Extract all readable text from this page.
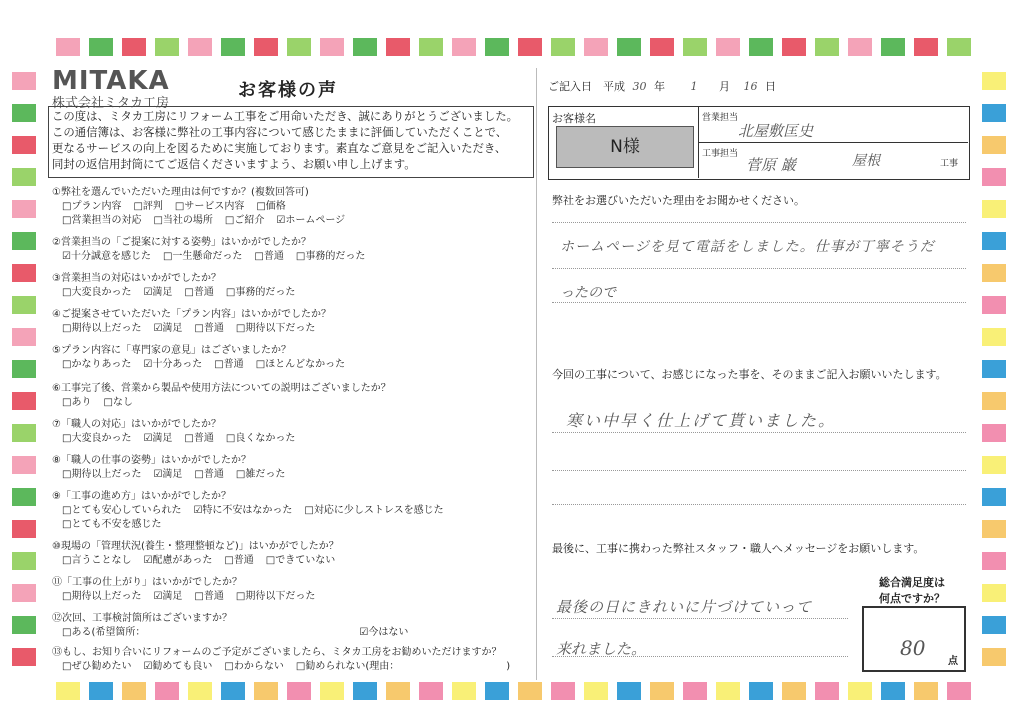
MITAKA
株式会社ミタカ工房
お客様の声
この度は、ミタカ工房にリフォーム工事をご用命いただき、誠にありがとうございました。
この通信簿は、お客様に弊社の工事内容について感じたままに評価していただくことで、
更なるサービスの向上を図るために実施しております。素直なご意見をご記入いただき、
同封の返信用封筒にてご返信くださいますよう、お願い申し上げます。
①弊社を選んでいただいた理由は何ですか？(複数回答可)
□プラン内容 □評判 □サービス内容 □価格
□営業担当の対応 □当社の場所 □ご紹介 ☑ホームページ
②営業担当の「ご提案に対する姿勢」はいかがでしたか？
☑十分誠意を感じた □一生懸命だった □普通 □事務的だった
③営業担当の対応はいかがでしたか？
□大変良かった ☑満足 □普通 □事務的だった
④ご提案させていただいた「プラン内容」はいかがでしたか？
□期待以上だった ☑満足 □普通 □期待以下だった
⑤プラン内容に「専門家の意見」はございましたか？
□かなりあった ☑十分あった □普通 □ほとんどなかった
⑥工事完了後、営業から製品や使用方法についての説明はございましたか？
□あり □なし
⑦「職人の対応」はいかがでしたか？
□大変良かった ☑満足 □普通 □良くなかった
⑧「職人の仕事の姿勢」はいかがでしたか？
□期待以上だった ☑満足 □普通 □雑だった
⑨「工事の進め方」はいかがでしたか？
□とても安心していられた ☑特に不安はなかった □対応に少しストレスを感じた
□とても不安を感じた
⑩現場の「管理状況(養生・整理整頓など)」はいかがでしたか？
□言うことなし ☑配慮があった □普通 □できていない
⑪「工事の仕上がり」はいかがでしたか？
□期待以上だった ☑満足 □普通 □期待以下だった
⑫次回、工事検討箇所はございますか？
□ある(希望箇所：	☑今はない
⑬もし、お知り合いにリフォームのご予定がございましたら、ミタカ工房をお勧めいただけますか？
□ぜひ勧めたい ☑勧めても良い □わからない □勧められない(理由：	)
ご記入日　平成 30 年 1 月 16 日
お客様名
N様
営業担当
北屋敷匡史
工事担当
菅原 巌	屋根	工事
弊社をお選びいただいた理由をお聞かせください。
ホームページを見て電話をしました。仕事が丁寧そうだ
ったので
今回の工事について、お感じになった事を、そのままご記入お願いいたします。
寒い中早く仕上げて貰いました。
最後に、工事に携わった弊社スタッフ・職人へメッセージをお願いします。
最後の日にきれいに片づけていって
来れました。
総合満足度は
何点ですか？
80
点
